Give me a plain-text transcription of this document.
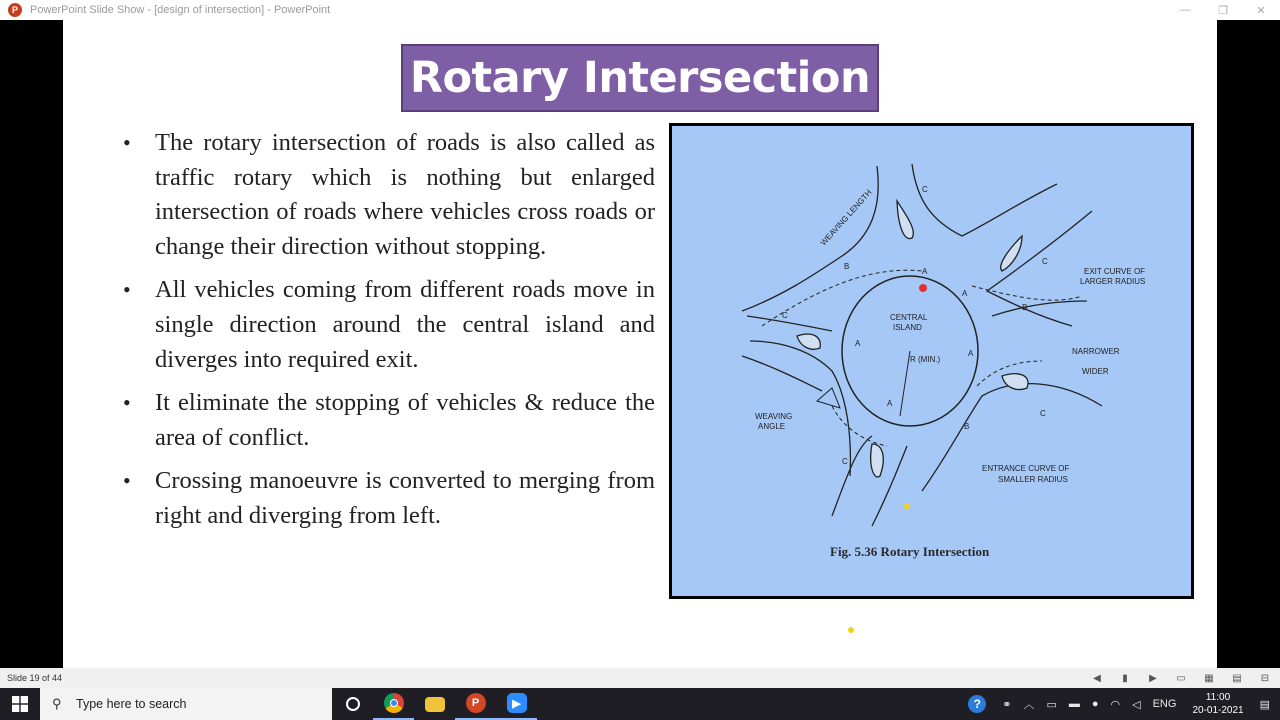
P	PowerPoint Slide Show - [design of intersection] - PowerPoint	—	❐	✕
Rotary Intersection
• The rotary intersection of roads is also called as traffic rotary which is nothing but enlarged intersection of roads where vehicles cross roads or change their direction without stopping.
• All vehicles coming from different roads move in single direction around the central island and diverges into required exit.
• It eliminate the stopping of vehicles & reduce the area of conflict.
• Crossing manoeuvre is converted to merging from right and diverging from left.
WEAVING LENGTH
CENTRAL
ISLAND
R (MIN.)
EXIT CURVE OF
LARGER RADIUS
NARROWER
WIDER
WEAVING
ANGLE
ENTRANCE CURVE OF
SMALLER RADIUS
A
A
A
A
A
B
B
B
C
C
C
C
C
Fig. 5.36 Rotary Intersection
Slide 19 of 44	◀	▮	▶	▭ ▦ ▤ ⊟
⚲
Type here to search	P	▶	?	⚭ ︿ ▭ ▬ ● ◠ ◁ ENG
11:00
20-01-2021 ▤
